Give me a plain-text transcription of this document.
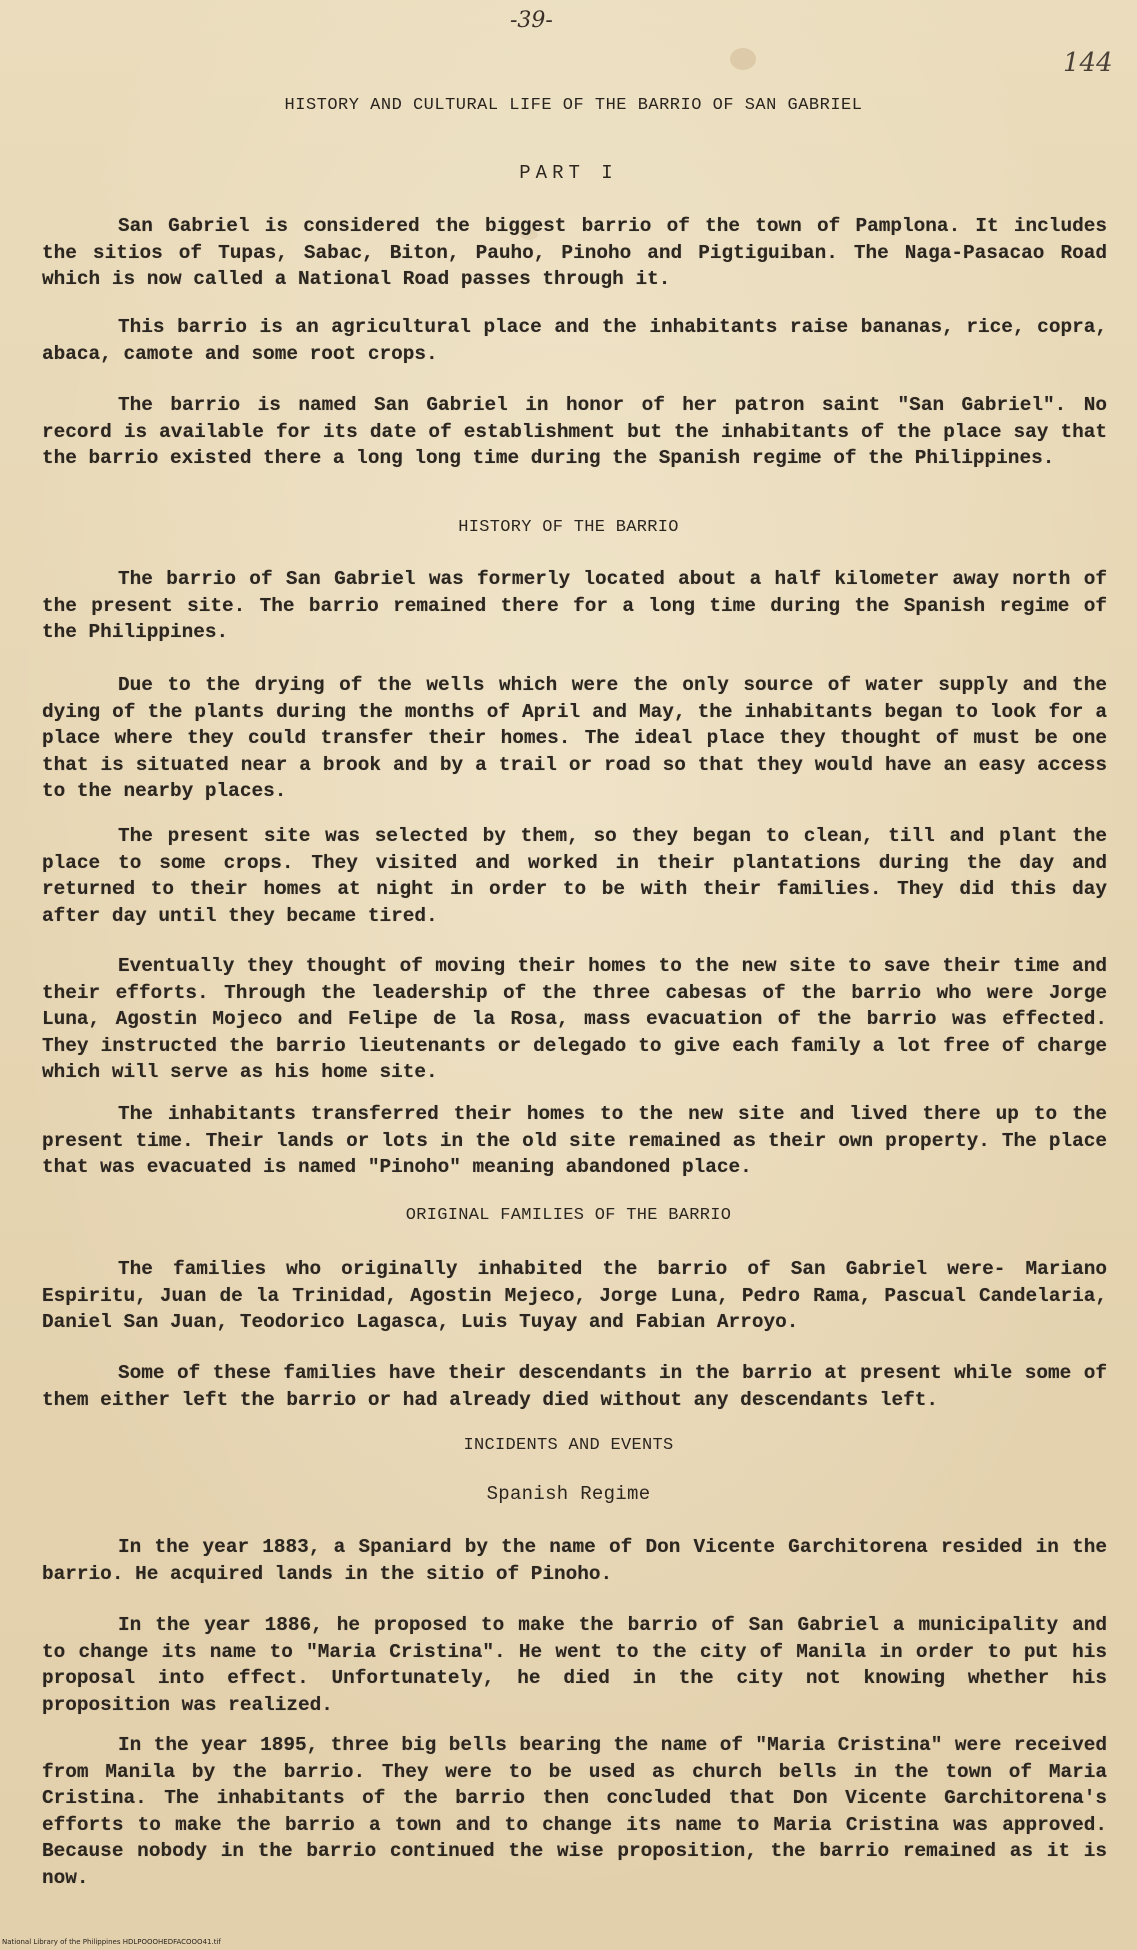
-39-
144
HISTORY AND CULTURAL LIFE OF THE BARRIO OF SAN GABRIEL
PART I

San Gabriel is considered the biggest barrio of the town of Pamplona. It includes the sitios of Tupas, Sabac, Biton, Pauho, Pinoho and Pigtiguiban. The Naga-Pasacao Road which is now called a National Road passes through it.

This barrio is an agricultural place and the inhabitants raise bananas, rice, copra, abaca, camote and some root crops.

The barrio is named San Gabriel in honor of her patron saint "San Gabriel". No record is available for its date of establishment but the inhabitants of the place say that the barrio existed there a long long time during the Spanish regime of the Philippines.

HISTORY OF THE BARRIO

The barrio of San Gabriel was formerly located about a half kilometer away north of the present site. The barrio remained there for a long time during the Spanish regime of the Philippines.

Due to the drying of the wells which were the only source of water supply and the dying of the plants during the months of April and May, the inhabitants began to look for a place where they could transfer their homes. The ideal place they thought of must be one that is situated near a brook and by a trail or road so that they would have an easy access to the nearby places.

The present site was selected by them, so they began to clean, till and plant the place to some crops. They visited and worked in their plantations during the day and returned to their homes at night in order to be with their families. They did this day after day until they became tired.

Eventually they thought of moving their homes to the new site to save their time and their efforts. Through the leadership of the three cabesas of the barrio who were Jorge Luna, Agostin Mojeco and Felipe de la Rosa, mass evacuation of the barrio was effected. They instructed the barrio lieutenants or delegado to give each family a lot free of charge which will serve as his home site.

The inhabitants transferred their homes to the new site and lived there up to the present time. Their lands or lots in the old site remained as their own property. The place that was evacuated is named "Pinoho" meaning abandoned place.

ORIGINAL FAMILIES OF THE BARRIO

The families who originally inhabited the barrio of San Gabriel were- Mariano Espiritu, Juan de la Trinidad, Agostin Mejeco, Jorge Luna, Pedro Rama, Pascual Candelaria, Daniel San Juan, Teodorico Lagasca, Luis Tuyay and Fabian Arroyo.

Some of these families have their descendants in the barrio at present while some of them either left the barrio or had already died without any descendants left.

INCIDENTS AND EVENTS
Spanish Regime

In the year 1883, a Spaniard by the name of Don Vicente Garchitorena resided in the barrio. He acquired lands in the sitio of Pinoho.

In the year 1886, he proposed to make the barrio of San Gabriel a municipality and to change its name to "Maria Cristina". He went to the city of Manila in order to put his proposal into effect. Unfortunately, he died in the city not knowing whether his proposition was realized.

In the year 1895, three big bells bearing the name of "Maria Cristina" were received from Manila by the barrio. They were to be used as church bells in the town of Maria Cristina. The inhabitants of the barrio then concluded that Don Vicente Garchitorena's efforts to make the barrio a town and to change its name to Maria Cristina was approved. Because nobody in the barrio continued the wise proposition, the barrio remained as it is now.

National Library of the Philippines HDLPOOOHEDFACOOO41.tif
